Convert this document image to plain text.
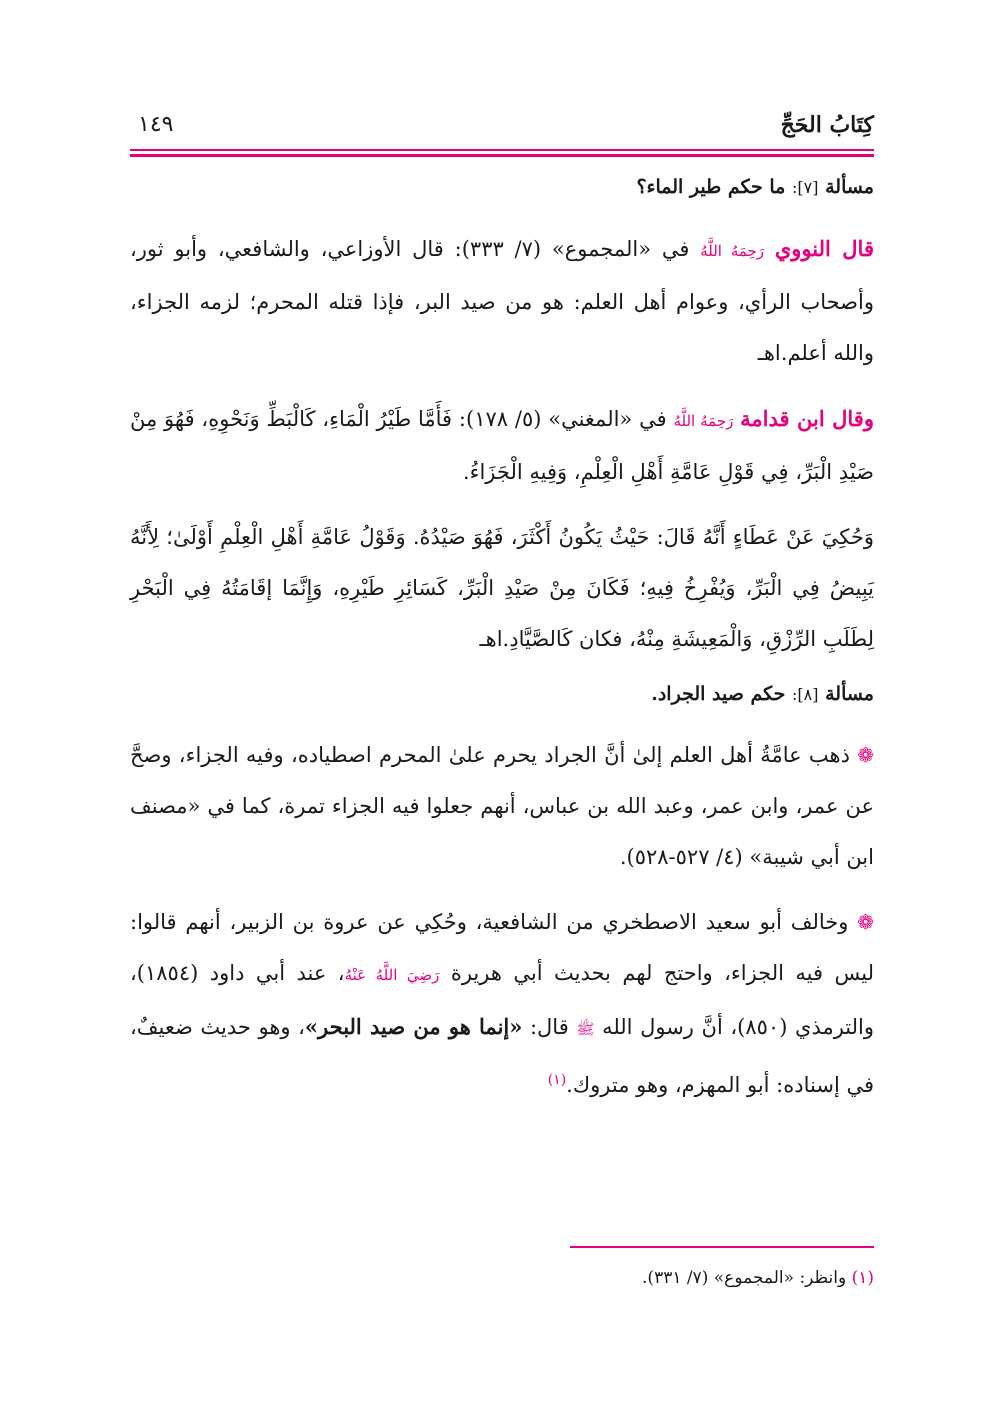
كِتَابُ الحَجِّ
١٤٩
مسألة [٧]: ما حكم طير الماء؟

قال النووي رَحِمَهُ اللَّهُ في «المجموع» (٧/ ٣٣٣): قال الأوزاعي، والشافعي، وأبو ثور، وأصحاب الرأي، وعوام أهل العلم: هو من صيد البر، فإذا قتله المحرم؛ لزمه الجزاء، والله أعلم.اهـ

وقال ابن قدامة رَحِمَهُ اللَّهُ في «المغني» (٥/ ١٧٨): فَأَمَّا طَيْرُ الْمَاءِ، كَالْبَطِّ وَنَحْوِهِ، فَهُوَ مِنْ صَيْدِ الْبَرِّ، فِي قَوْلِ عَامَّةِ أَهْلِ الْعِلْمِ، وَفِيهِ الْجَزَاءُ.

وَحُكِيَ عَنْ عَطَاءٍ أَنَّهُ قَالَ: حَيْثُ يَكُونُ أَكْثَرَ، فَهُوَ صَيْدُهُ. وَقَوْلُ عَامَّةِ أَهْلِ الْعِلْمِ أَوْلَىٰ؛ لِأَنَّهُ يَبِيضُ فِي الْبَرِّ، وَيُفْرِخُ فِيهِ؛ فَكَانَ مِنْ صَيْدِ الْبَرِّ، كَسَائِرِ طَيْرِهِ، وَإِنَّمَا إقَامَتُهُ فِي الْبَحْرِ لِطَلَبِ الرِّزْقِ، وَالْمَعِيشَةِ مِنْهُ، فكان كَالصَّيَّادِ.اهـ

مسألة [٨]: حكم صيد الجراد.

❁ ذهب عامَّةُ أهل العلم إلىٰ أنَّ الجراد يحرم علىٰ المحرم اصطياده، وفيه الجزاء، وصحَّ عن عمر، وابن عمر، وعبد الله بن عباس، أنهم جعلوا فيه الجزاء تمرة، كما في «مصنف ابن أبي شيبة» (٤/ ٥٢٧-٥٢٨).

❁ وخالف أبو سعيد الاصطخري من الشافعية، وحُكِي عن عروة بن الزبير، أنهم قالوا: ليس فيه الجزاء، واحتج لهم بحديث أبي هريرة رَضِيَ اللَّهُ عَنْهُ، عند أبي داود (١٨٥٤)، والترمذي (٨٥٠)، أنَّ رسول الله ﷺ قال: «إنما هو من صيد البحر»، وهو حديث ضعيفٌ، في إسناده: أبو المهزم، وهو متروك.$^{(١)}$

(١) وانظر: «المجموع» (٧/ ٣٣١).
